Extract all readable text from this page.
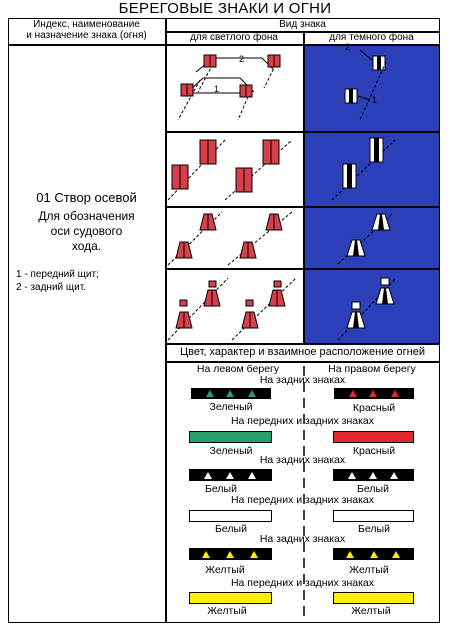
БЕРЕГОВЫЕ ЗНАКИ И ОГНИ
Индекс, наименование
и назначение знака (огня)
Вид знака
для светлого фона	для темного фона
01 Створ осевой
Для обозначения
оси судового
хода.
1 - передний щит;
2 - задний щит.
2
1
2
1
Цвет, характер и взаимное расположение огней
На левом берегу	На правом берегу
На задних знаках
Зеленый	Красный
На передних и задних знаках
Зеленый	Красный
На задних знаках
Белый	Белый
На передних и задних знаках
Белый	Белый
На задних знаках
Желтый	Желтый
На передних и задних знаках
Желтый	Желтый
